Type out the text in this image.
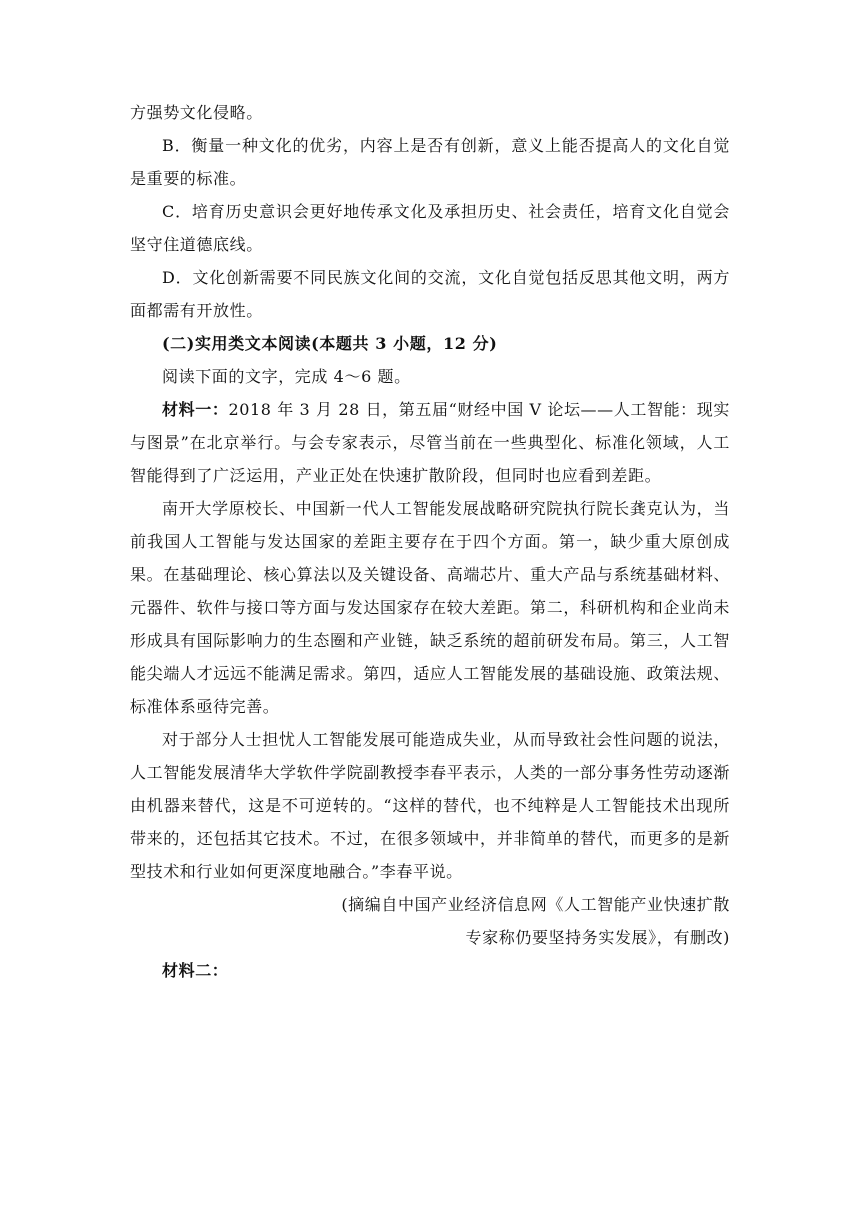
方强势文化侵略。

B．衡量一种文化的优劣，内容上是否有创新，意义上能否提高人的文化自觉是重要的标准。

C．培育历史意识会更好地传承文化及承担历史、社会责任，培育文化自觉会坚守住道德底线。

D．文化创新需要不同民族文化间的交流，文化自觉包括反思其他文明，两方面都需有开放性。

(二)实用类文本阅读(本题共 3 小题，12 分)

阅读下面的文字，完成 4～6 题。

材料一：2018 年 3 月 28 日，第五届“财经中国 V 论坛——人工智能：现实与图景”在北京举行。与会专家表示，尽管当前在一些典型化、标准化领域，人工智能得到了广泛运用，产业正处在快速扩散阶段，但同时也应看到差距。

南开大学原校长、中国新一代人工智能发展战略研究院执行院长龚克认为，当前我国人工智能与发达国家的差距主要存在于四个方面。第一，缺少重大原创成果。在基础理论、核心算法以及关键设备、高端芯片、重大产品与系统基础材料、元器件、软件与接口等方面与发达国家存在较大差距。第二，科研机构和企业尚未形成具有国际影响力的生态圈和产业链，缺乏系统的超前研发布局。第三，人工智能尖端人才远远不能满足需求。第四，适应人工智能发展的基础设施、政策法规、标准体系亟待完善。

对于部分人士担忧人工智能发展可能造成失业，从而导致社会性问题的说法，人工智能发展清华大学软件学院副教授李春平表示，人类的一部分事务性劳动逐渐由机器来替代，这是不可逆转的。“这样的替代，也不纯粹是人工智能技术出现所带来的，还包括其它技术。不过，在很多领域中，并非简单的替代，而更多的是新型技术和行业如何更深度地融合。”李春平说。

(摘编自中国产业经济信息网《人工智能产业快速扩散

专家称仍要坚持务实发展》，有删改)

材料二：
